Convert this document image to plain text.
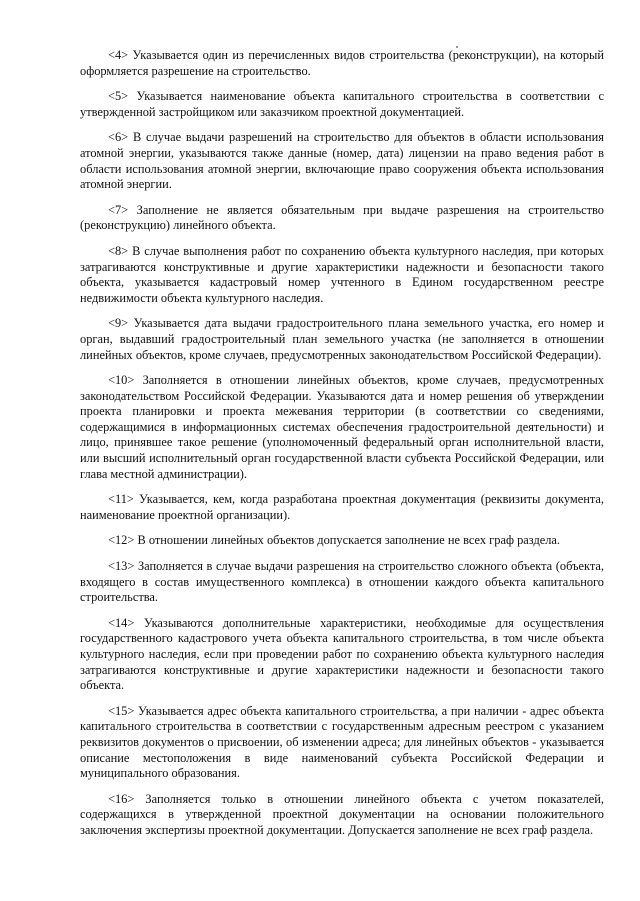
<4> Указывается один из перечисленных видов строительства (реконструкции), на который оформляется разрешение на строительство.

<5> Указывается наименование объекта капитального строительства в соответствии с утвержденной застройщиком или заказчиком проектной документацией.

<6> В случае выдачи разрешений на строительство для объектов в области использования атомной энергии, указываются также данные (номер, дата) лицензии на право ведения работ в области использования атомной энергии, включающие право сооружения объекта использования атомной энергии.

<7> Заполнение не является обязательным при выдаче разрешения на строительство (реконструкцию) линейного объекта.

<8> В случае выполнения работ по сохранению объекта культурного наследия, при которых затрагиваются конструктивные и другие характеристики надежности и безопасности такого объекта, указывается кадастровый номер учтенного в Едином государственном реестре недвижимости объекта культурного наследия.

<9> Указывается дата выдачи градостроительного плана земельного участка, его номер и орган, выдавший градостроительный план земельного участка (не заполняется в отношении линейных объектов, кроме случаев, предусмотренных законодательством Российской Федерации).

<10> Заполняется в отношении линейных объектов, кроме случаев, предусмотренных законодательством Российской Федерации. Указываются дата и номер решения об утверждении проекта планировки и проекта межевания территории (в соответствии со сведениями, содержащимися в информационных системах обеспечения градостроительной деятельности) и лицо, принявшее такое решение (уполномоченный федеральный орган исполнительной власти, или высший исполнительный орган государственной власти субъекта Российской Федерации, или глава местной администрации).

<11> Указывается, кем, когда разработана проектная документация (реквизиты документа, наименование проектной организации).

<12> В отношении линейных объектов допускается заполнение не всех граф раздела.

<13> Заполняется в случае выдачи разрешения на строительство сложного объекта (объекта, входящего в состав имущественного комплекса) в отношении каждого объекта капитального строительства.

<14> Указываются дополнительные характеристики, необходимые для осуществления государственного кадастрового учета объекта капитального строительства, в том числе объекта культурного наследия, если при проведении работ по сохранению объекта культурного наследия затрагиваются конструктивные и другие характеристики надежности и безопасности такого объекта.

<15> Указывается адрес объекта капитального строительства, а при наличии - адрес объекта капитального строительства в соответствии с государственным адресным реестром с указанием реквизитов документов о присвоении, об изменении адреса; для линейных объектов - указывается описание местоположения в виде наименований субъекта Российской Федерации и муниципального образования.

<16> Заполняется только в отношении линейного объекта с учетом показателей, содержащихся в утвержденной проектной документации на основании положительного заключения экспертизы проектной документации. Допускается заполнение не всех граф раздела.
